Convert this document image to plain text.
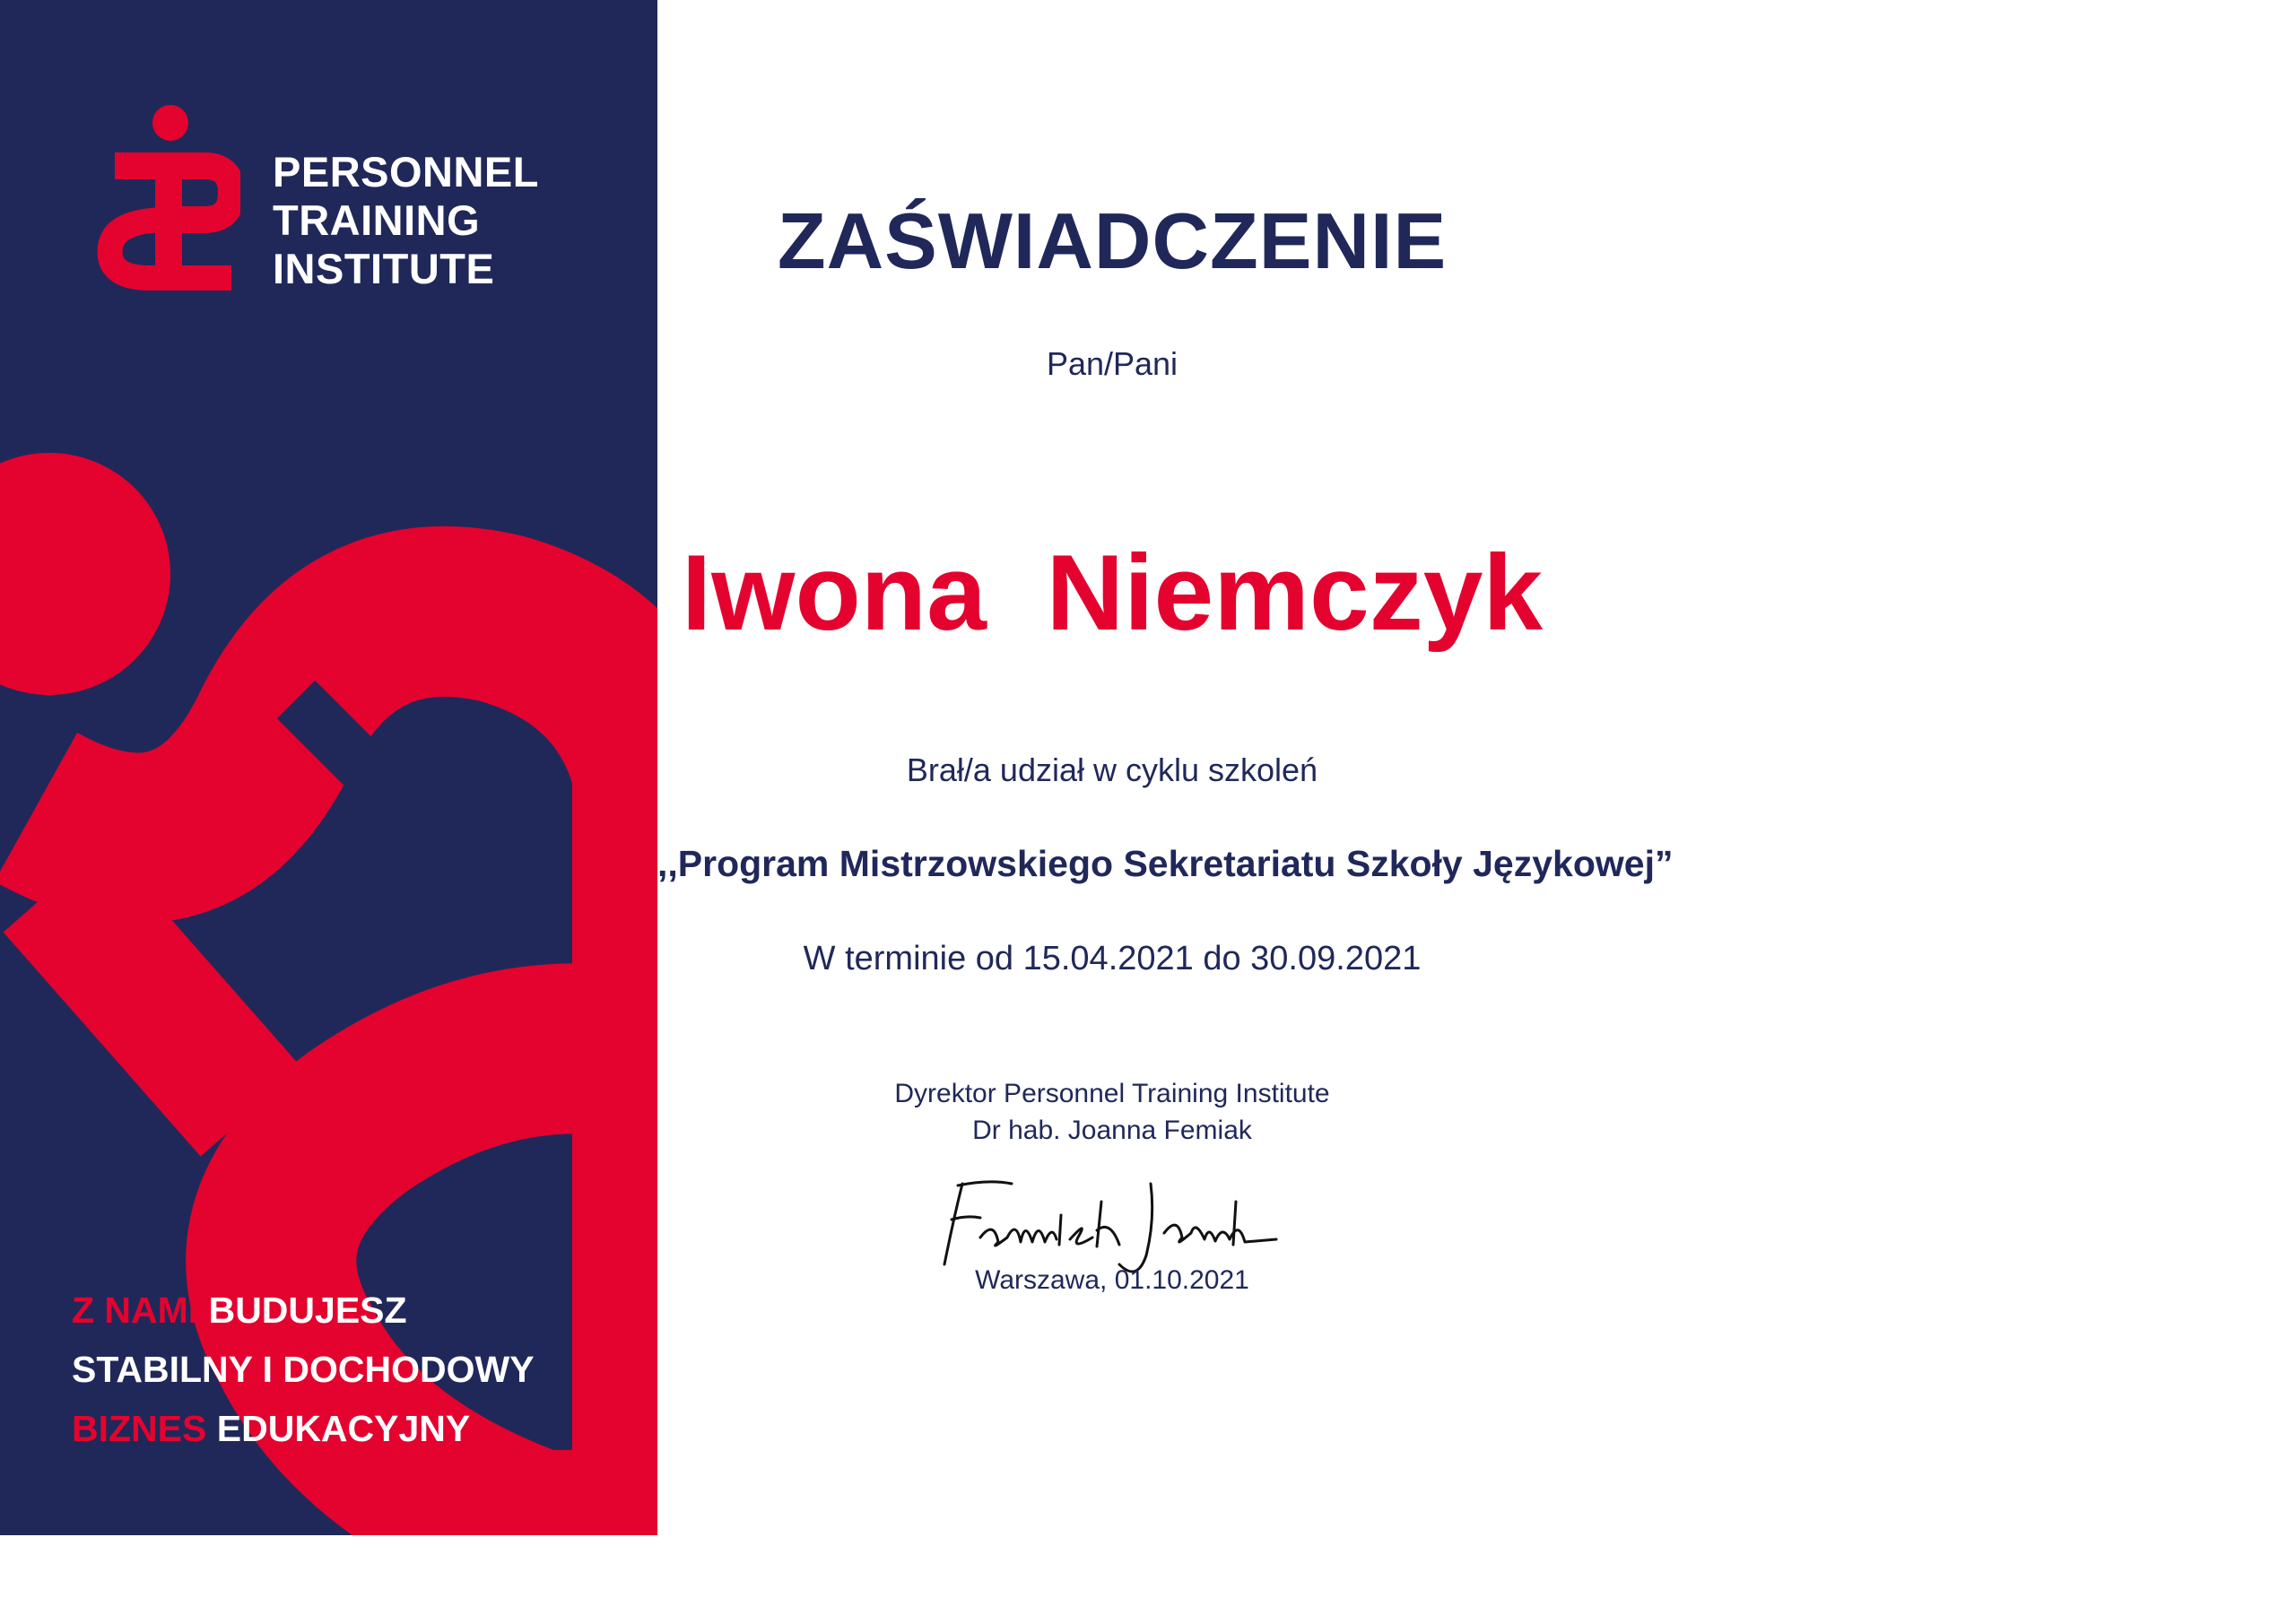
PERSONNEL
TRAINING
INSTITUTE
Z NAMI BUDUJESZ
STABILNY I DOCHODOWY
BIZNES EDUKACYJNY
ZAŚWIADCZENIE
Pan/Pani
Iwona  Niemczyk
Brał/a udział w cyklu szkoleń
,,Program Mistrzowskiego Sekretariatu Szkoły Językowej”
W terminie od 15.04.2021 do 30.09.2021
Dyrektor Personnel Training Institute
Dr hab. Joanna Femiak
Warszawa, 01.10.2021
